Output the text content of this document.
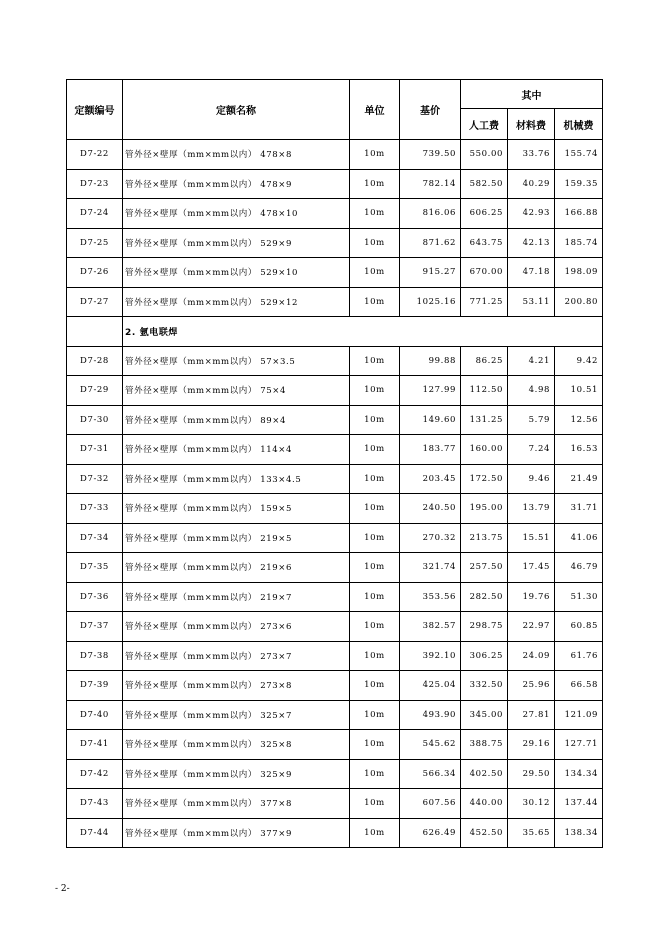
定额编号	定额名称	单位	基价	其中		
				人工费	材料费	机械费
D7-22	管外径×壁厚（mm×mm以内） 478×8	10m	739.50	550.00	33.76	155.74
D7-23	管外径×壁厚（mm×mm以内） 478×9	10m	782.14	582.50	40.29	159.35
D7-24	管外径×壁厚（mm×mm以内） 478×10	10m	816.06	606.25	42.93	166.88
D7-25	管外径×壁厚（mm×mm以内） 529×9	10m	871.62	643.75	42.13	185.74
D7-26	管外径×壁厚（mm×mm以内） 529×10	10m	915.27	670.00	47.18	198.09
D7-27	管外径×壁厚（mm×mm以内） 529×12	10m	1025.16	771.25	53.11	200.80
	2. 氩电联焊					
D7-28	管外径×壁厚（mm×mm以内） 57×3.5	10m	99.88	86.25	4.21	9.42
D7-29	管外径×壁厚（mm×mm以内） 75×4	10m	127.99	112.50	4.98	10.51
D7-30	管外径×壁厚（mm×mm以内） 89×4	10m	149.60	131.25	5.79	12.56
D7-31	管外径×壁厚（mm×mm以内） 114×4	10m	183.77	160.00	7.24	16.53
D7-32	管外径×壁厚（mm×mm以内） 133×4.5	10m	203.45	172.50	9.46	21.49
D7-33	管外径×壁厚（mm×mm以内） 159×5	10m	240.50	195.00	13.79	31.71
D7-34	管外径×壁厚（mm×mm以内） 219×5	10m	270.32	213.75	15.51	41.06
D7-35	管外径×壁厚（mm×mm以内） 219×6	10m	321.74	257.50	17.45	46.79
D7-36	管外径×壁厚（mm×mm以内） 219×7	10m	353.56	282.50	19.76	51.30
D7-37	管外径×壁厚（mm×mm以内） 273×6	10m	382.57	298.75	22.97	60.85
D7-38	管外径×壁厚（mm×mm以内） 273×7	10m	392.10	306.25	24.09	61.76
D7-39	管外径×壁厚（mm×mm以内） 273×8	10m	425.04	332.50	25.96	66.58
D7-40	管外径×壁厚（mm×mm以内） 325×7	10m	493.90	345.00	27.81	121.09
D7-41	管外径×壁厚（mm×mm以内） 325×8	10m	545.62	388.75	29.16	127.71
D7-42	管外径×壁厚（mm×mm以内） 325×9	10m	566.34	402.50	29.50	134.34
D7-43	管外径×壁厚（mm×mm以内） 377×8	10m	607.56	440.00	30.12	137.44
D7-44	管外径×壁厚（mm×mm以内） 377×9	10m	626.49	452.50	35.65	138.34
- 2-
